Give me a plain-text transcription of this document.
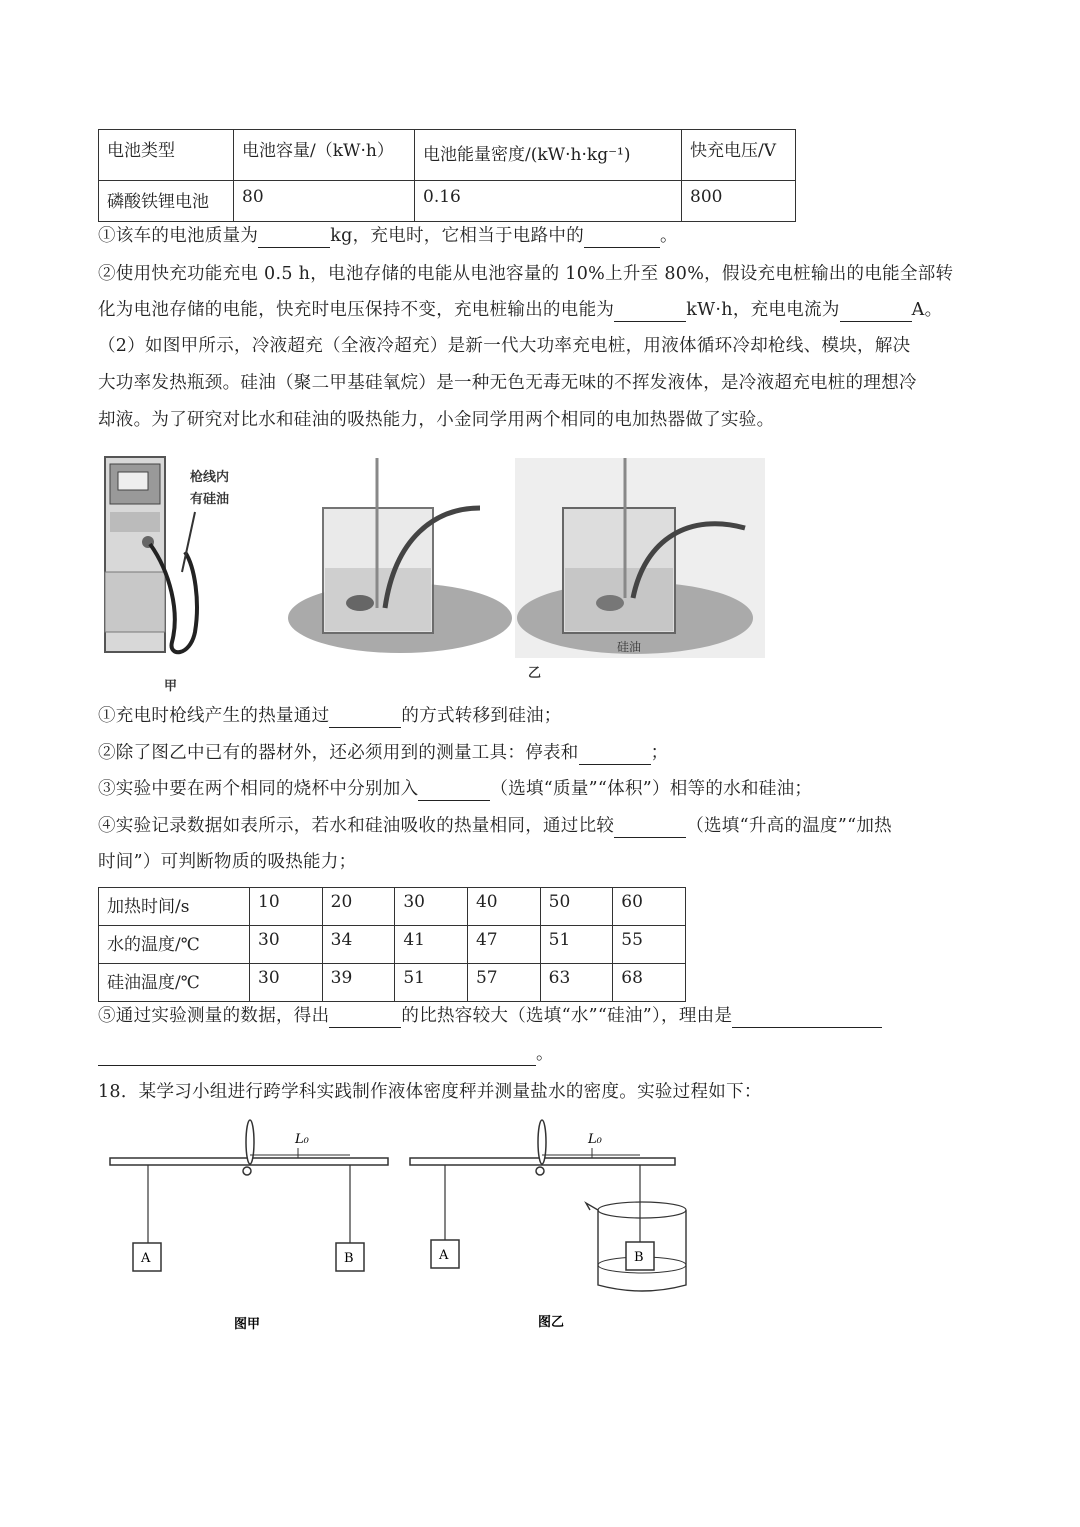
电池类型	电池容量/（kW·h）	电池能量密度/(kW·h·kg⁻¹)	快充电压/V
磷酸铁锂电池	80	0.16	800
①该车的电池质量为	kg，充电时，它相当于电路中的	。
②使用快充功能充电 0.5 h，电池存储的电能从电池容量的 10%上升至 80%，假设充电桩输出的电能全部转
化为电池存储的电能，快充时电压保持不变，充电桩输出的电能为	kW·h，充电电流为	A。
（2）如图甲所示，冷液超充（全液冷超充）是新一代大功率充电桩，用液体循环冷却枪线、模块，解决
大功率发热瓶颈。硅油（聚二甲基硅氧烷）是一种无色无毒无味的不挥发液体，是冷液超充电桩的理想冷
却液。为了研究对比水和硅油的吸热能力，小金同学用两个相同的电加热器做了实验。
枪线内
有硅油
甲
硅油
乙
①充电时枪线产生的热量通过	的方式转移到硅油；
②除了图乙中已有的器材外，还必须用到的测量工具：停表和	；
③实验中要在两个相同的烧杯中分别加入	（选填“质量”“体积”）相等的水和硅油；
④实验记录数据如表所示，若水和硅油吸收的热量相同，通过比较	（选填“升高的温度”“加热
时间”）可判断物质的吸热能力；
加热时间/s	10	20	30	40	50	60
水的温度/℃	30	34	41	47	51	55
硅油温度/℃	30	39	51	57	63	68
⑤通过实验测量的数据，得出	的比热容较大（选填“水”“硅油”），理由是
。
18．某学习小组进行跨学科实践制作液体密度秤并测量盐水的密度。实验过程如下：
L₀
A	B
图甲
L₀
A	B
图乙
